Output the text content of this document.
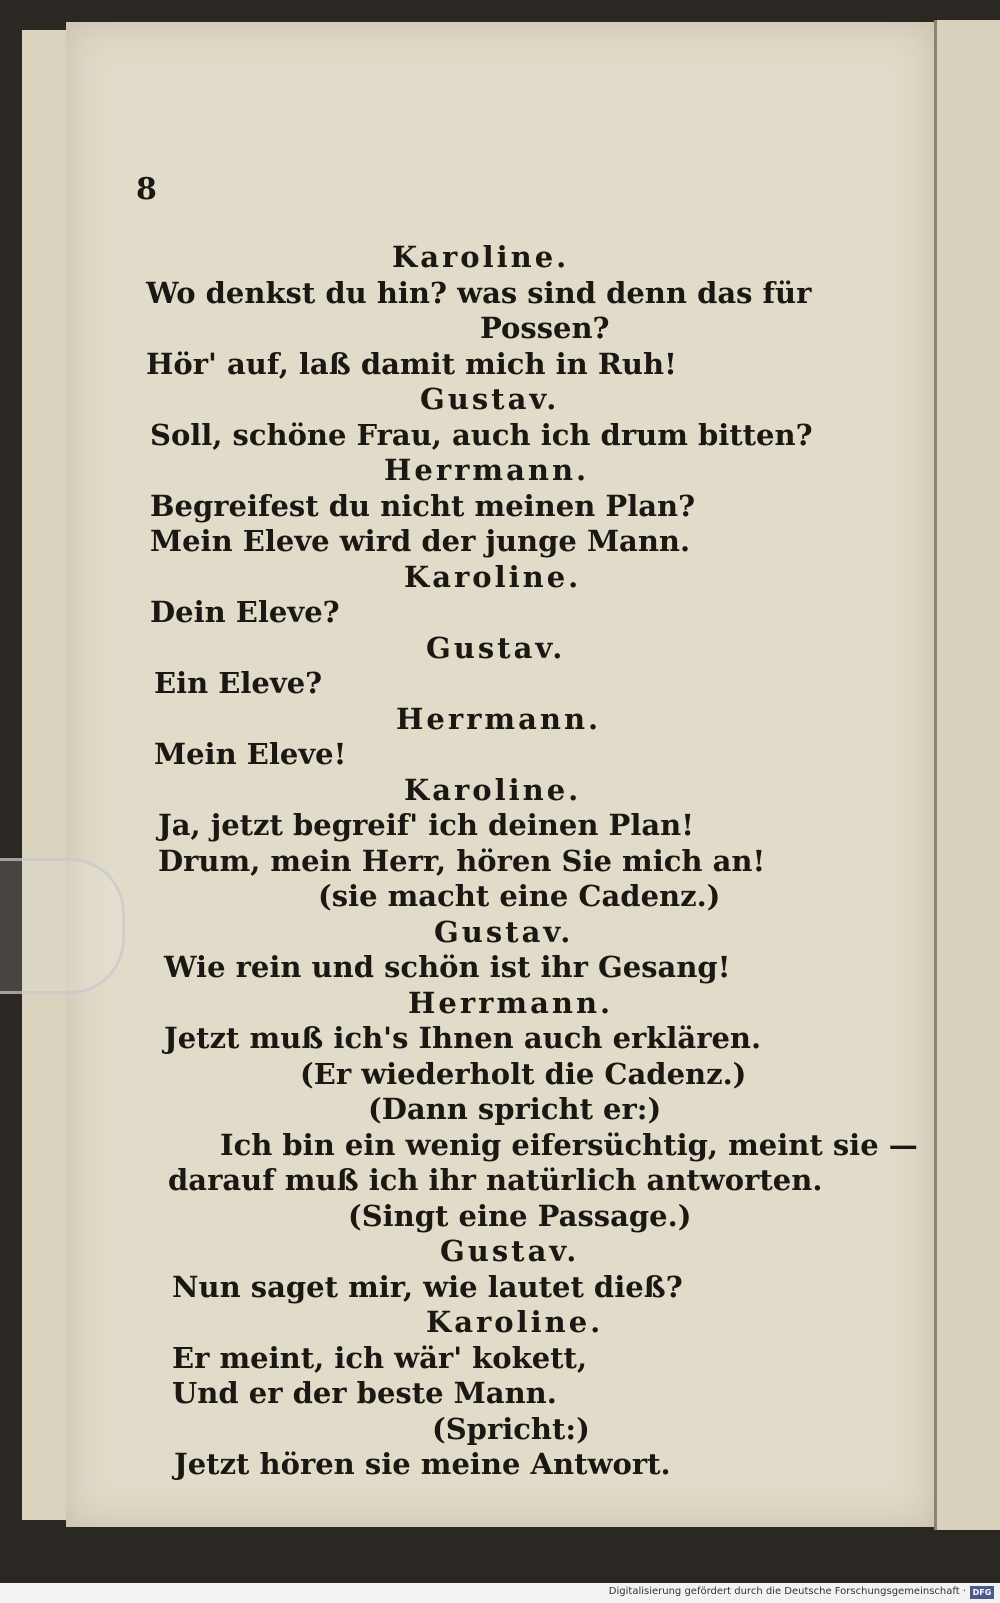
8
Karoline.
Wo denkst du hin? was sind denn das für
Possen?
Hör' auf, laß damit mich in Ruh!
Gustav.
Soll, schöne Frau, auch ich drum bitten?
Herrmann.
Begreifest du nicht meinen Plan?
Mein Eleve wird der junge Mann.
Karoline.
Dein Eleve?
Gustav.
Ein Eleve?
Herrmann.
Mein Eleve!
Karoline.
Ja, jetzt begreif' ich deinen Plan!
Drum, mein Herr, hören Sie mich an!
(sie macht eine Cadenz.)
Gustav.
Wie rein und schön ist ihr Gesang!
Herrmann.
Jetzt muß ich's Ihnen auch erklären.
(Er wiederholt die Cadenz.)
(Dann spricht er:)
Ich bin ein wenig eifersüchtig, meint sie —
darauf muß ich ihr natürlich antworten.
(Singt eine Passage.)
Gustav.
Nun saget mir, wie lautet dieß?
Karoline.
Er meint, ich wär' kokett,
Und er der beste Mann.
(Spricht:)
Jetzt hören sie meine Antwort.
Digitalisierung gefördert durch die Deutsche Forschungsgemeinschaft · DFG
